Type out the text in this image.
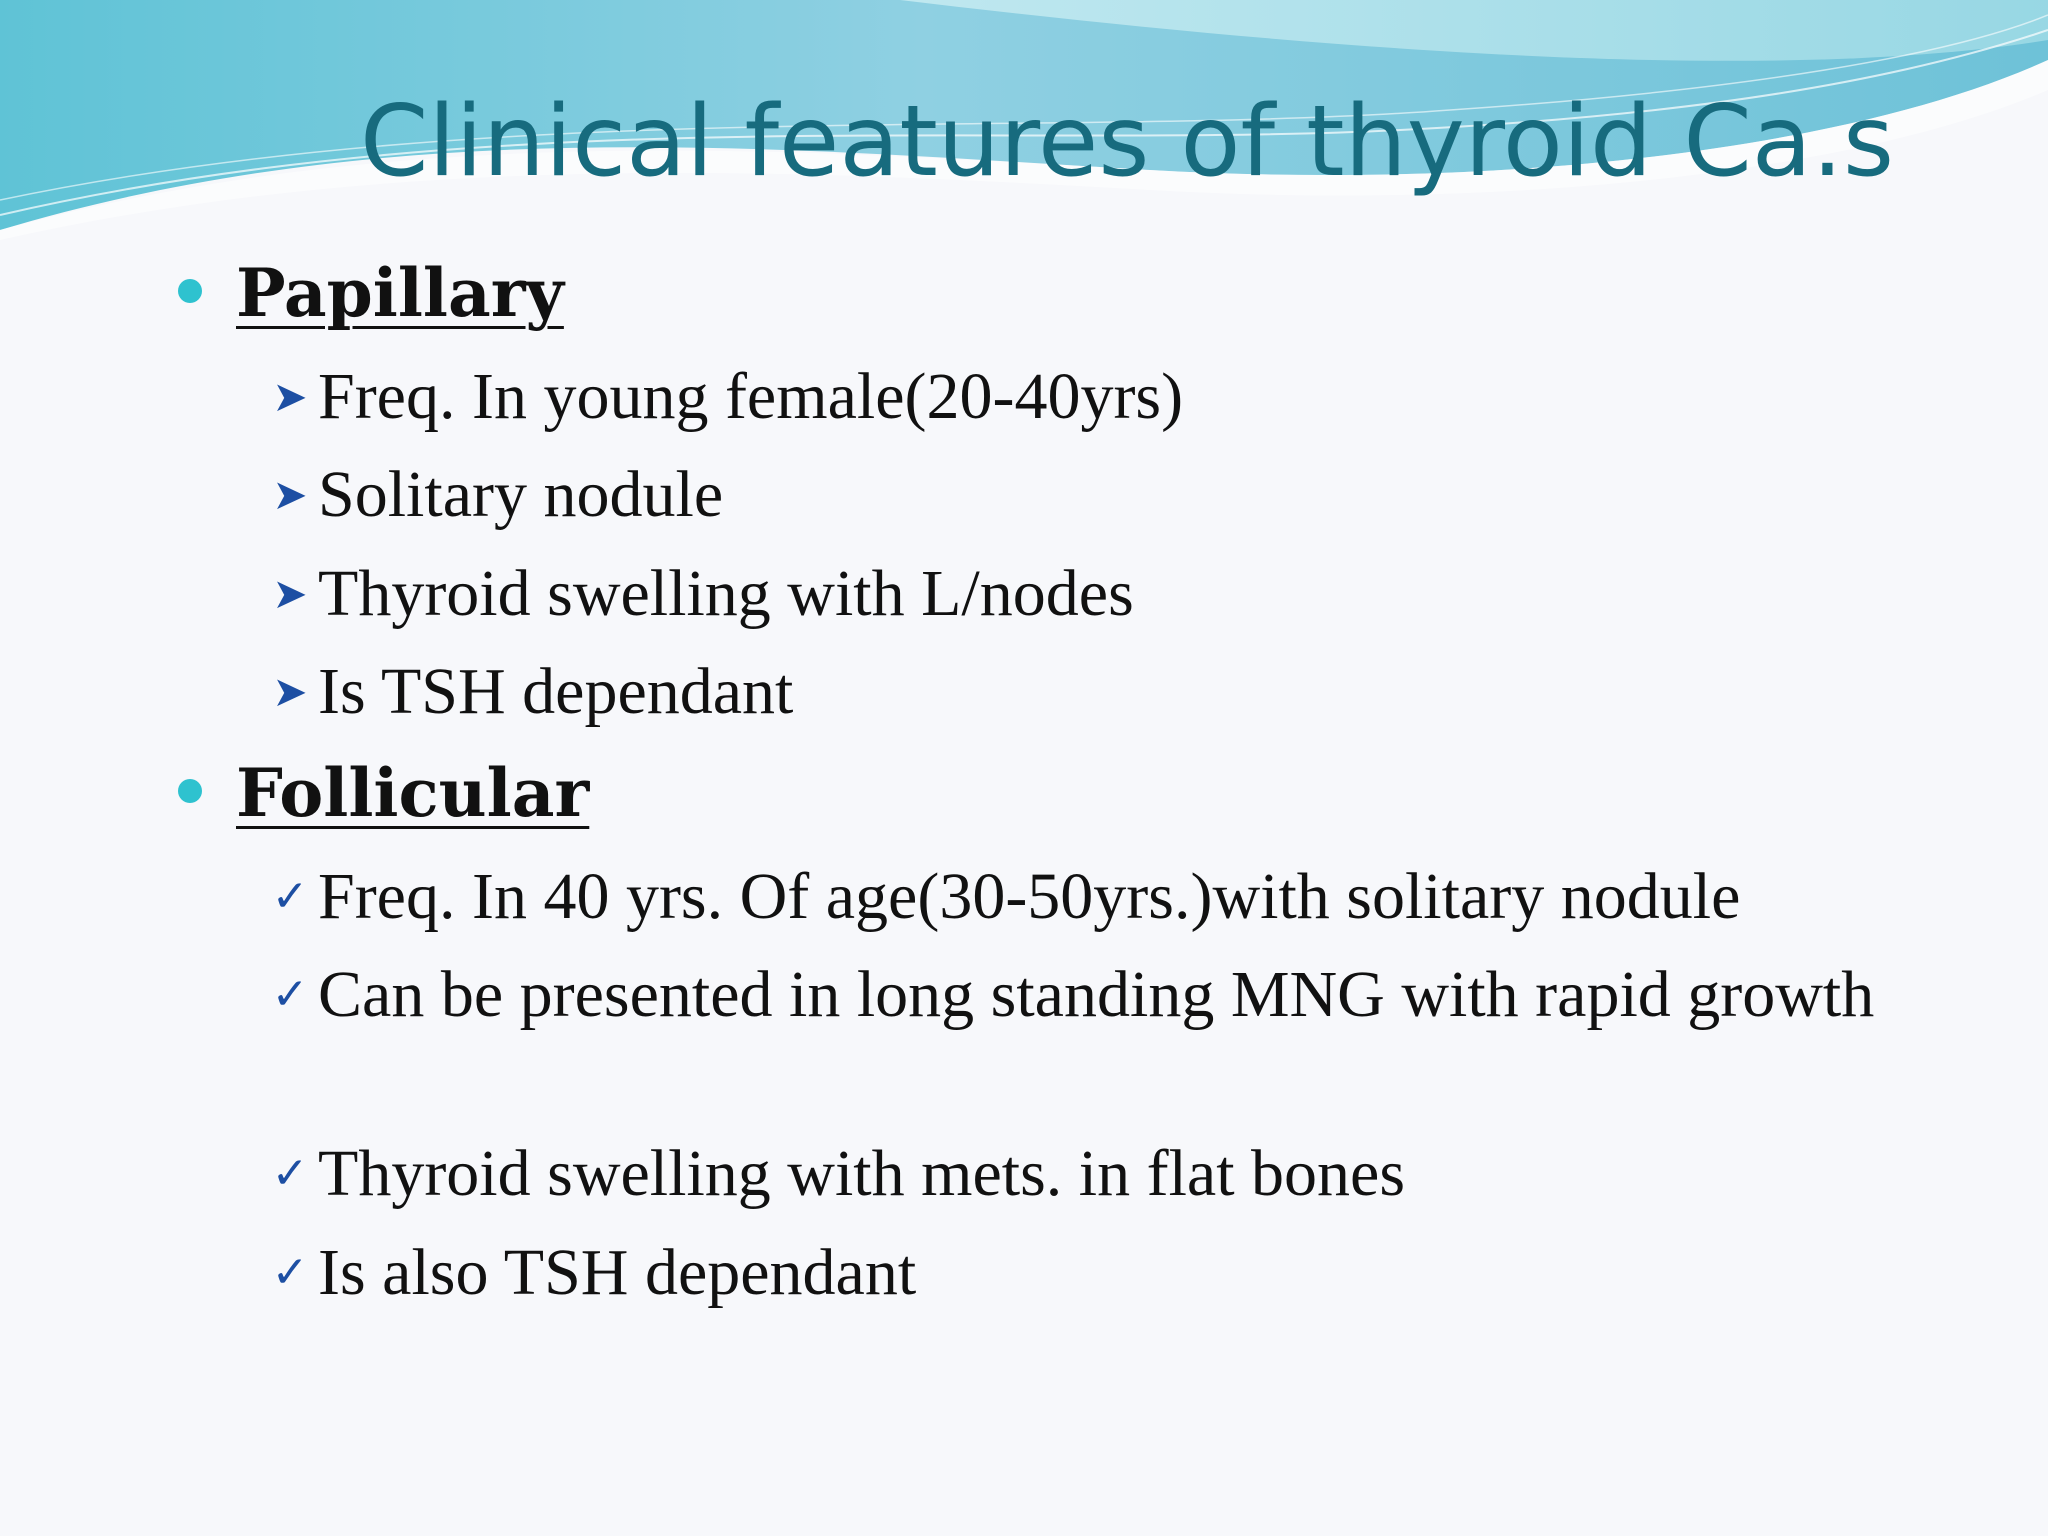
Clinical features of thyroid Ca.s
Papillary
➤ Freq. In young female(20-40yrs)
➤ Solitary nodule
➤ Thyroid swelling with L/nodes
➤ Is TSH dependant
Follicular
✓ Freq. In 40 yrs. Of age(30-50yrs.)with solitary nodule
✓ Can be presented in long standing MNG with rapid growth
✓ Thyroid swelling with mets. in flat bones
✓ Is also TSH dependant
